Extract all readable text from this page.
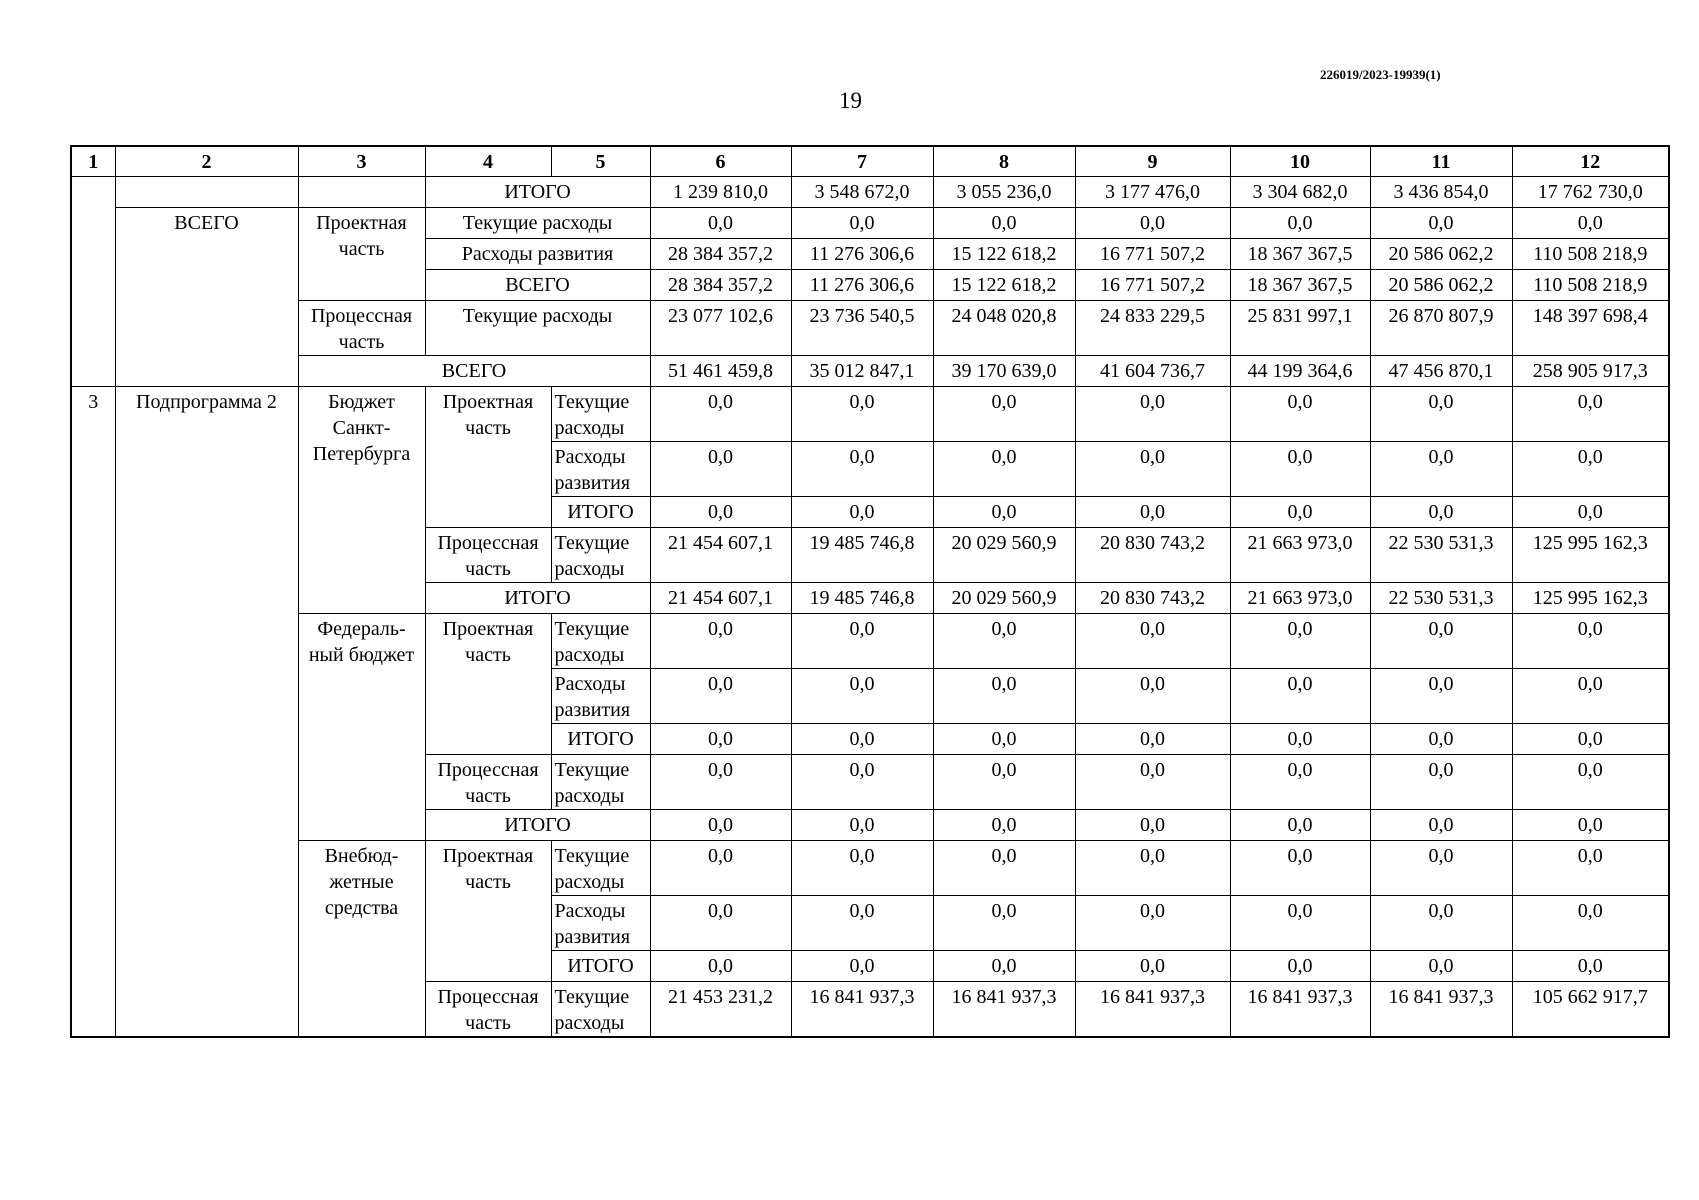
226019/2023-19939(1)
19
1	2	3	4	5	6	7	8	9	10	11	12
			ИТОГО		1 239 810,0	3 548 672,0	3 055 236,0	3 177 476,0	3 304 682,0	3 436 854,0	17 762 730,0
	ВСЕГО	Проектная часть	Текущие расходы		0,0	0,0	0,0	0,0	0,0	0,0	0,0
			Расходы развития		28 384 357,2	11 276 306,6	15 122 618,2	16 771 507,2	18 367 367,5	20 586 062,2	110 508 218,9
			ВСЕГО		28 384 357,2	11 276 306,6	15 122 618,2	16 771 507,2	18 367 367,5	20 586 062,2	110 508 218,9
		Процессная часть	Текущие расходы		23 077 102,6	23 736 540,5	24 048 020,8	24 833 229,5	25 831 997,1	26 870 807,9	148 397 698,4
		ВСЕГО			51 461 459,8	35 012 847,1	39 170 639,0	41 604 736,7	44 199 364,6	47 456 870,1	258 905 917,3
3	Подпрограмма 2	Бюджет Санкт-Петербурга	Проектная часть	Текущие расходы	0,0	0,0	0,0	0,0	0,0	0,0	0,0
				Расходы развития	0,0	0,0	0,0	0,0	0,0	0,0	0,0
				ИТОГО	0,0	0,0	0,0	0,0	0,0	0,0	0,0
			Процессная часть	Текущие расходы	21 454 607,1	19 485 746,8	20 029 560,9	20 830 743,2	21 663 973,0	22 530 531,3	125 995 162,3
			ИТОГО		21 454 607,1	19 485 746,8	20 029 560,9	20 830 743,2	21 663 973,0	22 530 531,3	125 995 162,3
		Федераль-ный бюджет	Проектная часть	Текущие расходы	0,0	0,0	0,0	0,0	0,0	0,0	0,0
				Расходы развития	0,0	0,0	0,0	0,0	0,0	0,0	0,0
				ИТОГО	0,0	0,0	0,0	0,0	0,0	0,0	0,0
			Процессная часть	Текущие расходы	0,0	0,0	0,0	0,0	0,0	0,0	0,0
			ИТОГО		0,0	0,0	0,0	0,0	0,0	0,0	0,0
		Внебюд-жетные средства	Проектная часть	Текущие расходы	0,0	0,0	0,0	0,0	0,0	0,0	0,0
				Расходы развития	0,0	0,0	0,0	0,0	0,0	0,0	0,0
				ИТОГО	0,0	0,0	0,0	0,0	0,0	0,0	0,0
			Процессная часть	Текущие расходы	21 453 231,2	16 841 937,3	16 841 937,3	16 841 937,3	16 841 937,3	16 841 937,3	105 662 917,7
